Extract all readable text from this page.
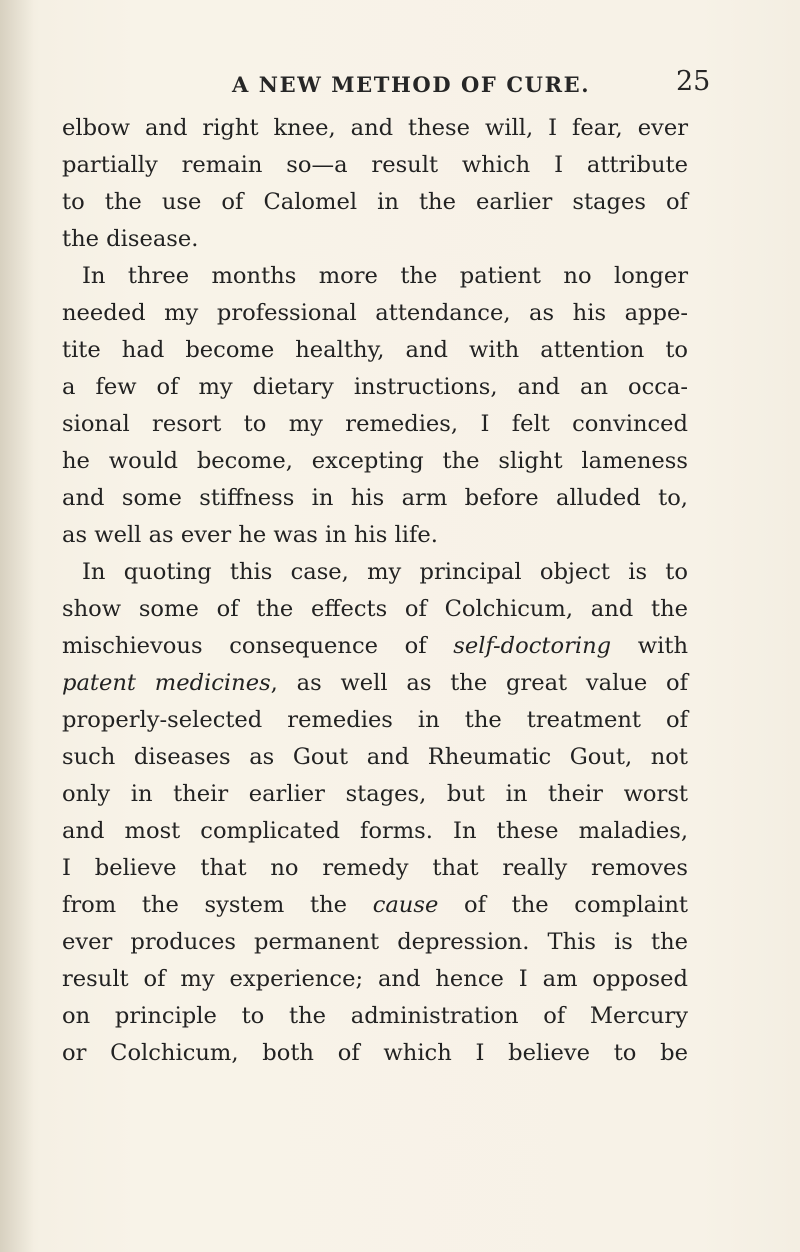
A NEW METHOD OF CURE.	25
elbow and right knee, and these will, I fear, ever
partially remain so—a result which I attribute
to the use of Calomel in the earlier stages of
the disease.
In three months more the patient no longer
needed my professional attendance, as his appe-
tite had become healthy, and with attention to
a few of my dietary instructions, and an occa-
sional resort to my remedies, I felt convinced
he would become, excepting the slight lameness
and some stiffness in his arm before alluded to,
as well as ever he was in his life.
In quoting this case, my principal object is to
show some of the effects of Colchicum, and the
mischievous consequence of self-doctoring with
patent medicines, as well as the great value of
properly-selected remedies in the treatment of
such diseases as Gout and Rheumatic Gout, not
only in their earlier stages, but in their worst
and most complicated forms. In these maladies,
I believe that no remedy that really removes
from the system the cause of the complaint
ever produces permanent depression. This is the
result of my experience; and hence I am opposed
on principle to the administration of Mercury
or Colchicum, both of which I believe to be
